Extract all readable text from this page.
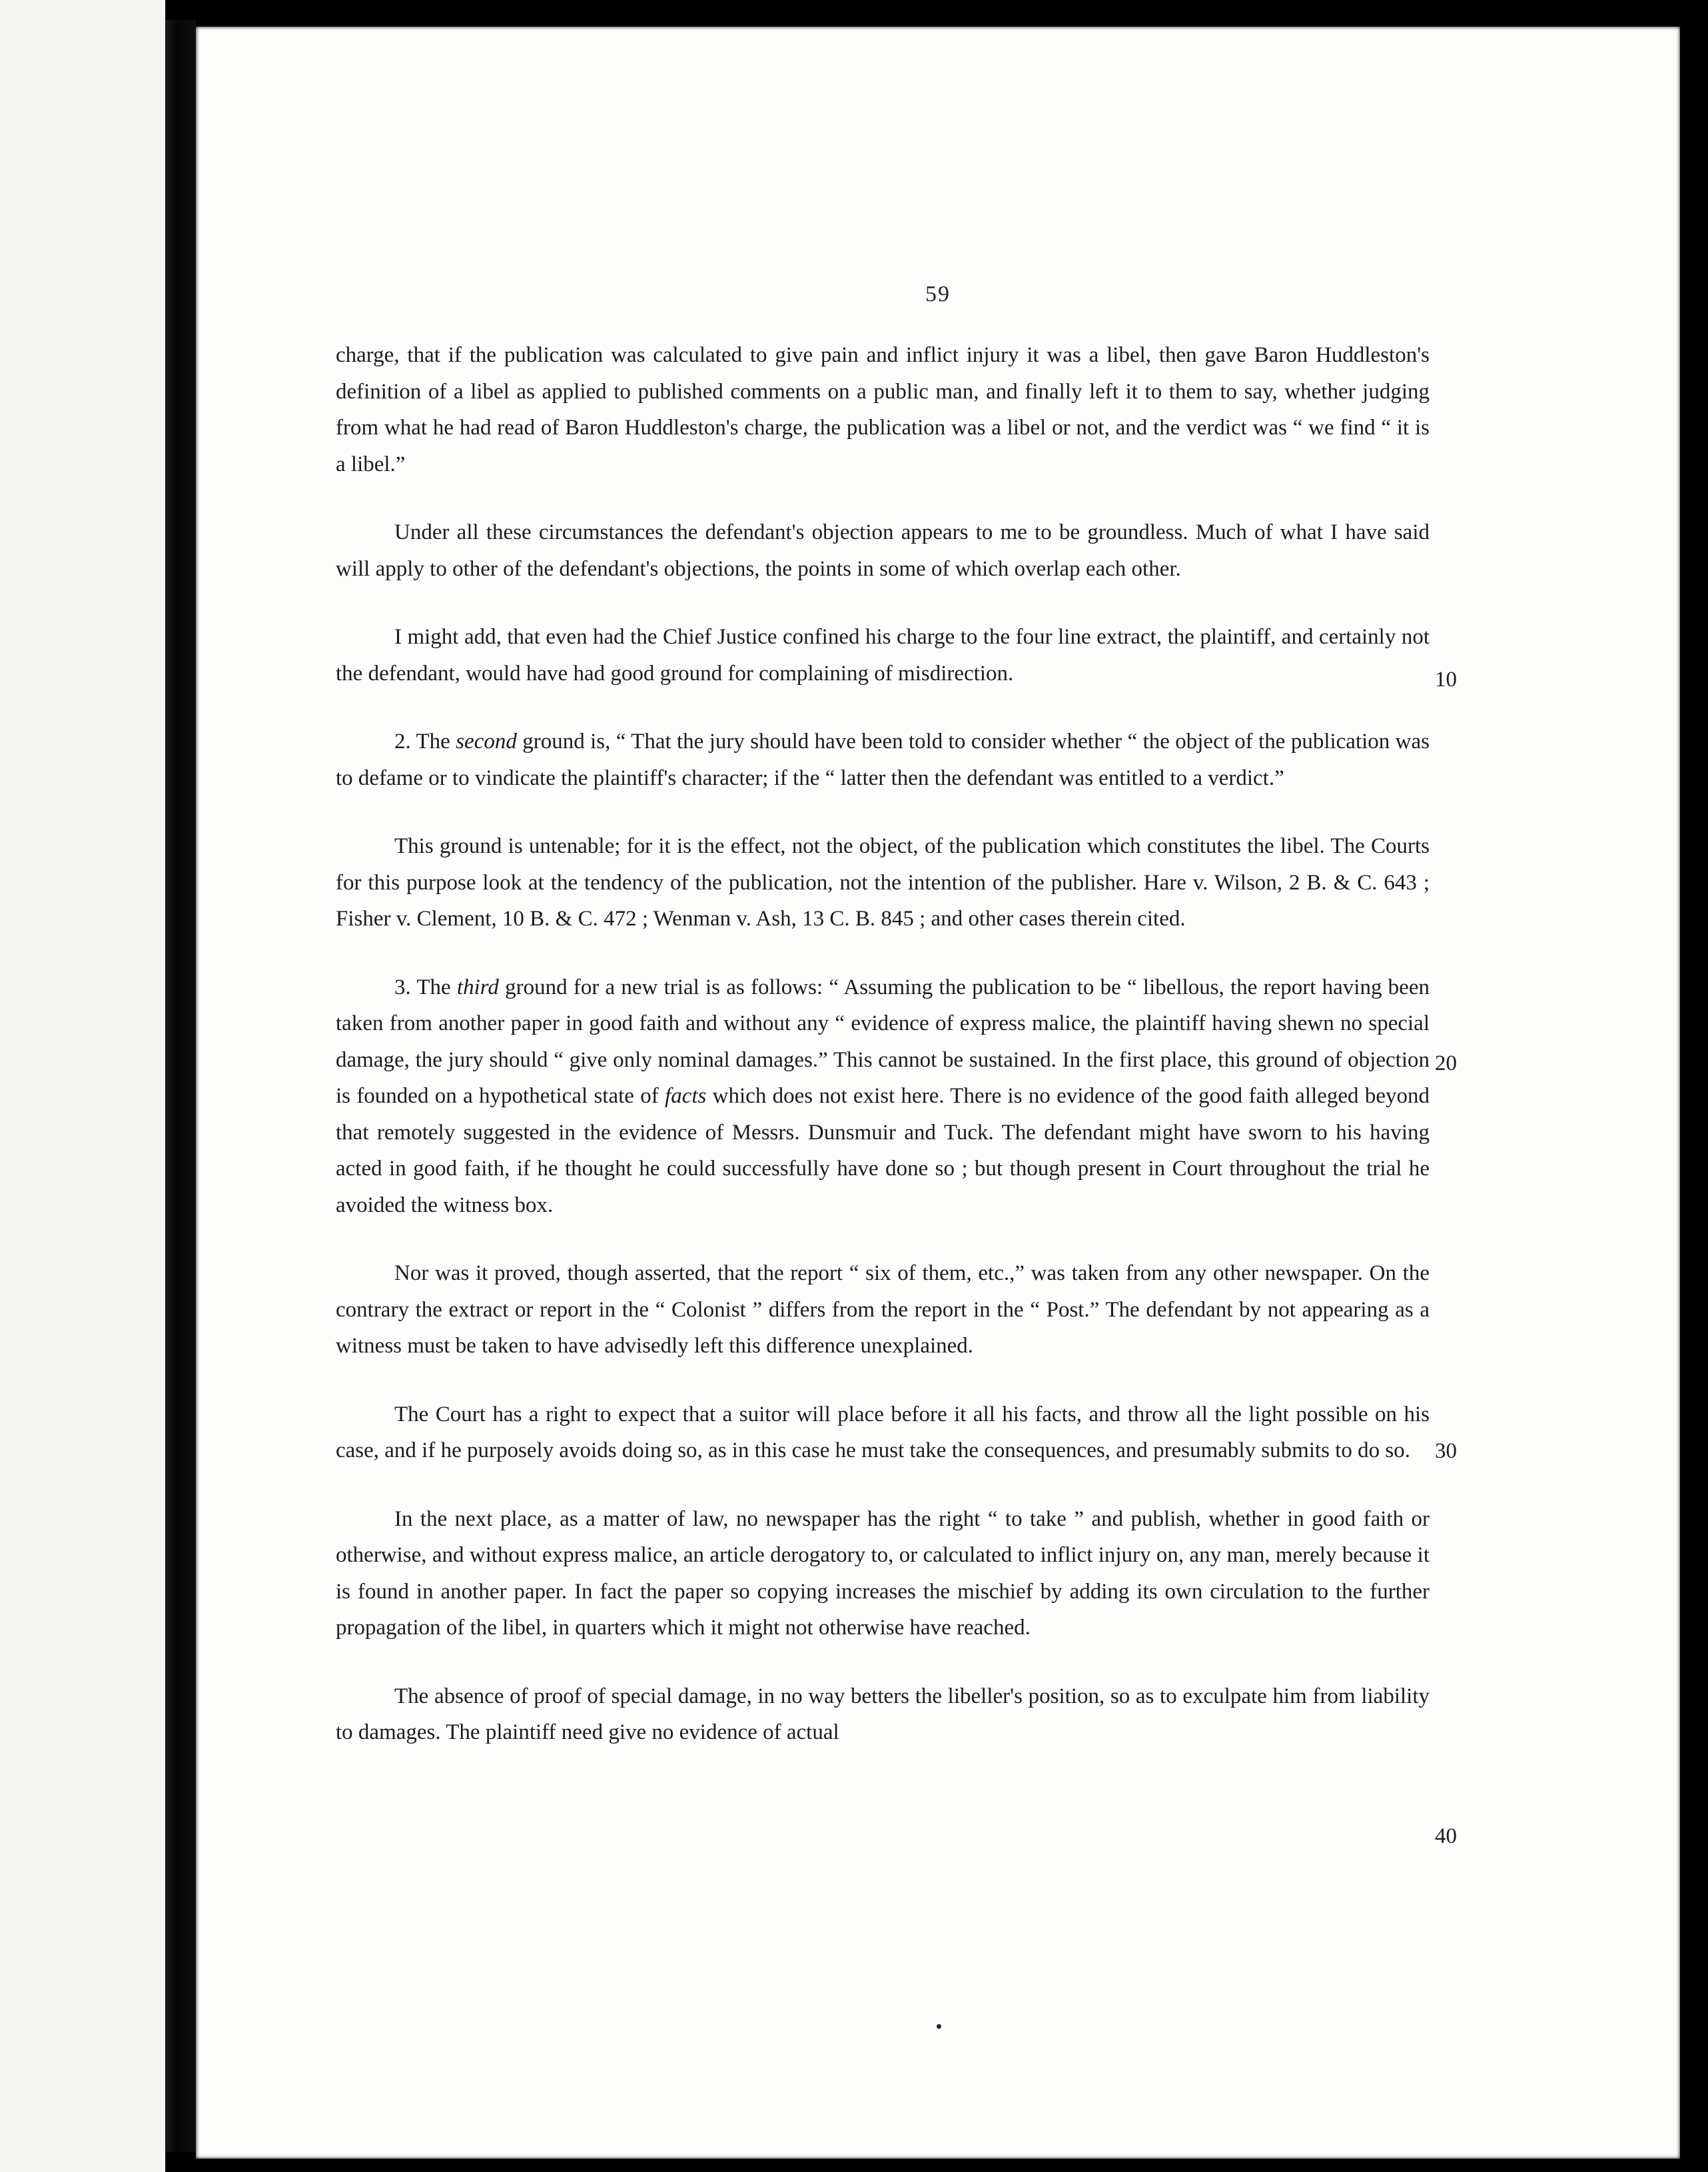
59

charge, that if the publication was calculated to give pain and inflict injury it was a libel, then gave Baron Huddleston's definition of a libel as applied to published comments on a public man, and finally left it to them to say, whether judging from what he had read of Baron Huddleston's charge, the publication was a libel or not, and the verdict was “ we find “ it is a libel.”

Under all these circumstances the defendant's objection appears to me to be groundless. Much of what I have said will apply to other of the defendant's objections, the points in some of which overlap each other.

I might add, that even had the Chief Justice confined his charge to the four line extract, the plaintiff, and certainly not the defendant, would have had good ground for complaining of misdirection.

2. The second ground is, “ That the jury should have been told to consider whether “ the object of the publication was to defame or to vindicate the plaintiff's character; if the “ latter then the defendant was entitled to a verdict.”

This ground is untenable; for it is the effect, not the object, of the publication which constitutes the libel. The Courts for this purpose look at the tendency of the publication, not the intention of the publisher. Hare v. Wilson, 2 B. & C. 643 ; Fisher v. Clement, 10 B. & C. 472 ; Wenman v. Ash, 13 C. B. 845 ; and other cases therein cited.

3. The third ground for a new trial is as follows: “ Assuming the publication to be “ libellous, the report having been taken from another paper in good faith and without any “ evidence of express malice, the plaintiff having shewn no special damage, the jury should “ give only nominal damages.” This cannot be sustained. In the first place, this ground of objection is founded on a hypothetical state of facts which does not exist here. There is no evidence of the good faith alleged beyond that remotely suggested in the evidence of Messrs. Dunsmuir and Tuck. The defendant might have sworn to his having acted in good faith, if he thought he could successfully have done so ; but though present in Court throughout the trial he avoided the witness box.

Nor was it proved, though asserted, that the report “ six of them, etc.,” was taken from any other newspaper. On the contrary the extract or report in the “ Colonist ” differs from the report in the “ Post.” The defendant by not appearing as a witness must be taken to have advisedly left this difference unexplained.

The Court has a right to expect that a suitor will place before it all his facts, and throw all the light possible on his case, and if he purposely avoids doing so, as in this case he must take the consequences, and presumably submits to do so.

In the next place, as a matter of law, no newspaper has the right “ to take ” and publish, whether in good faith or otherwise, and without express malice, an article derogatory to, or calculated to inflict injury on, any man, merely because it is found in another paper. In fact the paper so copying increases the mischief by adding its own circulation to the further propagation of the libel, in quarters which it might not otherwise have reached.

The absence of proof of special damage, in no way betters the libeller's position, so as to exculpate him from liability to damages. The plaintiff need give no evidence of actual

10
20
30
40
